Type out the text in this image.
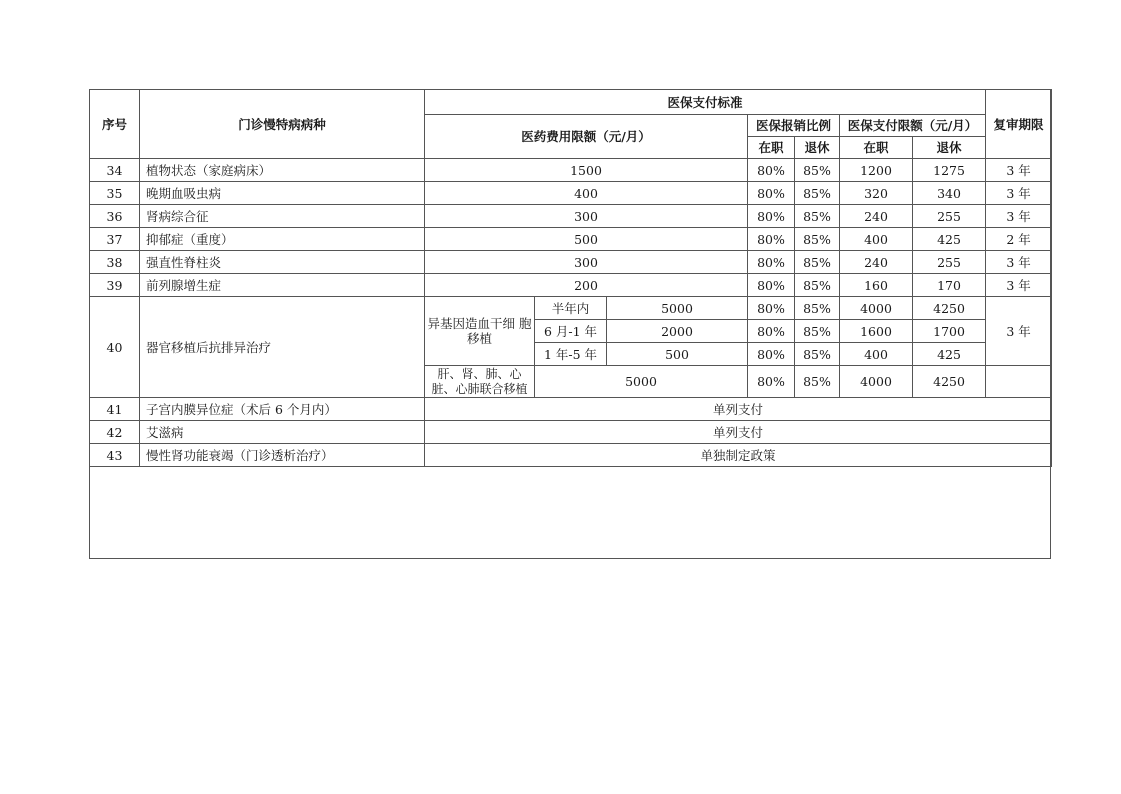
序号	门诊慢特病病种	医保支付标准							复审期限
		医药费用限额（元/月）			医保报销比例		医保支付限额（元/月）		
					在职	退休	在职	退休	
34	植物状态（家庭病床）	1500			80%	85%	1200	1275	3 年
35	晚期血吸虫病	400			80%	85%	320	340	3 年
36	肾病综合征	300			80%	85%	240	255	3 年
37	抑郁症（重度）	500			80%	85%	400	425	2 年
38	强直性脊柱炎	300			80%	85%	240	255	3 年
39	前列腺增生症	200			80%	85%	160	170	3 年
40	器官移植后抗排异治疗	异基因造血干细 胞移植	半年内	5000	80%	85%	4000	4250	3 年
			6 月-1 年	2000	80%	85%	1600	1700	
			1 年-5 年	500	80%	85%	400	425	
		肝、肾、肺、心脏、心肺联合移植	5000		80%	85%	4000	4250	
41	子宫内膜异位症（术后 6 个月内）	单列支付							
42	艾滋病	单列支付							
43	慢性肾功能衰竭（门诊透析治疗）	单独制定政策							
